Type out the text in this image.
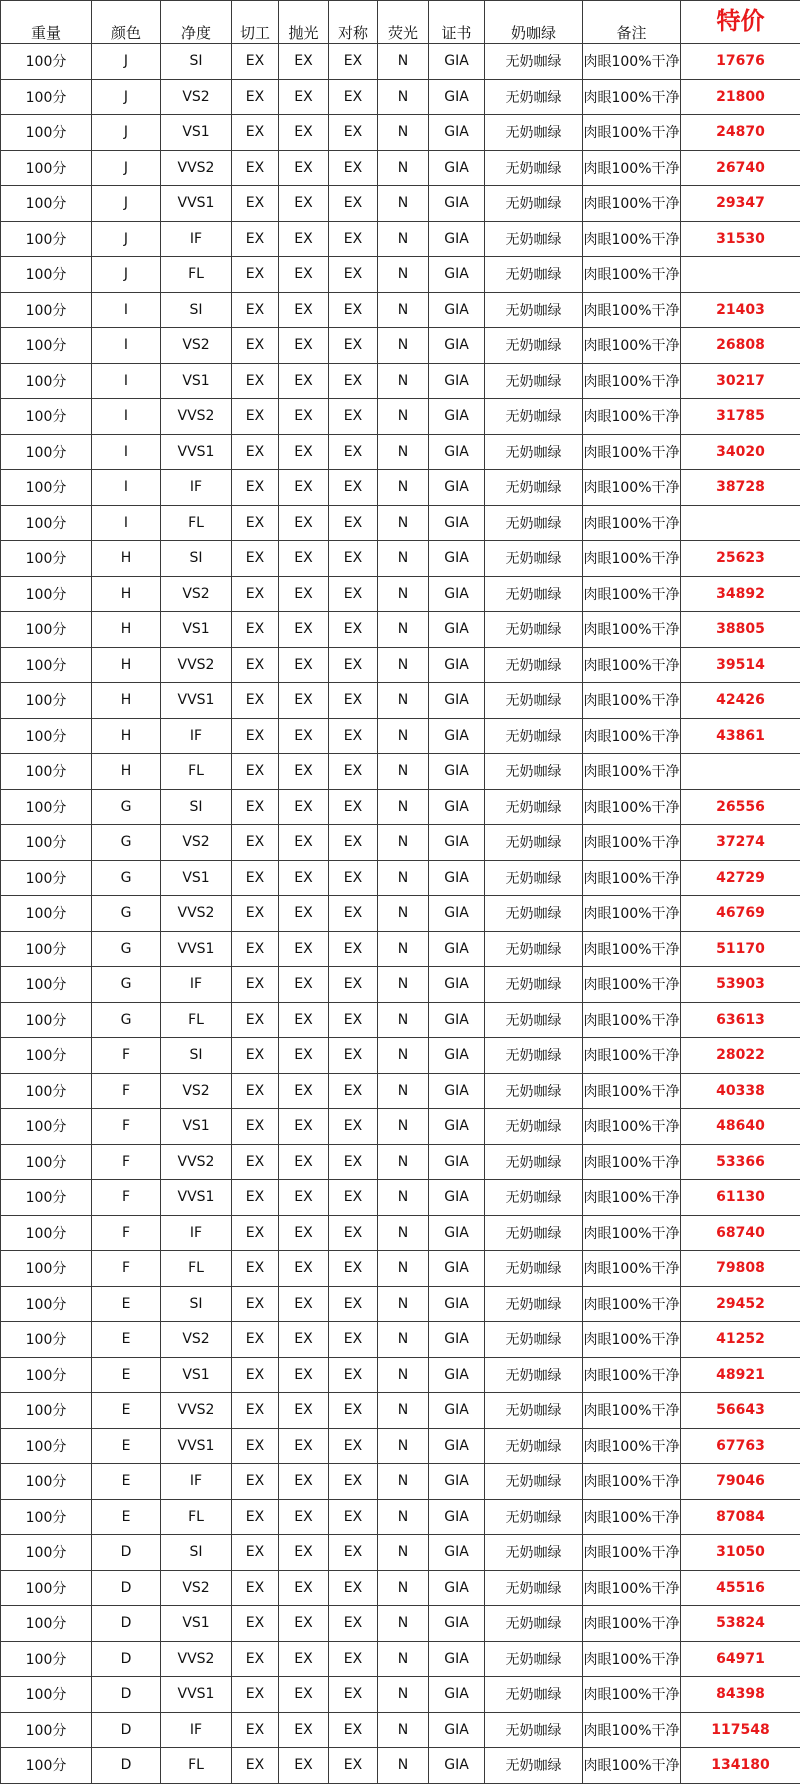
重量	颜色	净度	切工	抛光	对称	荧光	证书	奶咖绿	备注	特价
100分	J	SI	EX	EX	EX	N	GIA	无奶咖绿	肉眼100%干净	17676
100分	J	VS2	EX	EX	EX	N	GIA	无奶咖绿	肉眼100%干净	21800
100分	J	VS1	EX	EX	EX	N	GIA	无奶咖绿	肉眼100%干净	24870
100分	J	VVS2	EX	EX	EX	N	GIA	无奶咖绿	肉眼100%干净	26740
100分	J	VVS1	EX	EX	EX	N	GIA	无奶咖绿	肉眼100%干净	29347
100分	J	IF	EX	EX	EX	N	GIA	无奶咖绿	肉眼100%干净	31530
100分	J	FL	EX	EX	EX	N	GIA	无奶咖绿	肉眼100%干净	
100分	I	SI	EX	EX	EX	N	GIA	无奶咖绿	肉眼100%干净	21403
100分	I	VS2	EX	EX	EX	N	GIA	无奶咖绿	肉眼100%干净	26808
100分	I	VS1	EX	EX	EX	N	GIA	无奶咖绿	肉眼100%干净	30217
100分	I	VVS2	EX	EX	EX	N	GIA	无奶咖绿	肉眼100%干净	31785
100分	I	VVS1	EX	EX	EX	N	GIA	无奶咖绿	肉眼100%干净	34020
100分	I	IF	EX	EX	EX	N	GIA	无奶咖绿	肉眼100%干净	38728
100分	I	FL	EX	EX	EX	N	GIA	无奶咖绿	肉眼100%干净	
100分	H	SI	EX	EX	EX	N	GIA	无奶咖绿	肉眼100%干净	25623
100分	H	VS2	EX	EX	EX	N	GIA	无奶咖绿	肉眼100%干净	34892
100分	H	VS1	EX	EX	EX	N	GIA	无奶咖绿	肉眼100%干净	38805
100分	H	VVS2	EX	EX	EX	N	GIA	无奶咖绿	肉眼100%干净	39514
100分	H	VVS1	EX	EX	EX	N	GIA	无奶咖绿	肉眼100%干净	42426
100分	H	IF	EX	EX	EX	N	GIA	无奶咖绿	肉眼100%干净	43861
100分	H	FL	EX	EX	EX	N	GIA	无奶咖绿	肉眼100%干净	
100分	G	SI	EX	EX	EX	N	GIA	无奶咖绿	肉眼100%干净	26556
100分	G	VS2	EX	EX	EX	N	GIA	无奶咖绿	肉眼100%干净	37274
100分	G	VS1	EX	EX	EX	N	GIA	无奶咖绿	肉眼100%干净	42729
100分	G	VVS2	EX	EX	EX	N	GIA	无奶咖绿	肉眼100%干净	46769
100分	G	VVS1	EX	EX	EX	N	GIA	无奶咖绿	肉眼100%干净	51170
100分	G	IF	EX	EX	EX	N	GIA	无奶咖绿	肉眼100%干净	53903
100分	G	FL	EX	EX	EX	N	GIA	无奶咖绿	肉眼100%干净	63613
100分	F	SI	EX	EX	EX	N	GIA	无奶咖绿	肉眼100%干净	28022
100分	F	VS2	EX	EX	EX	N	GIA	无奶咖绿	肉眼100%干净	40338
100分	F	VS1	EX	EX	EX	N	GIA	无奶咖绿	肉眼100%干净	48640
100分	F	VVS2	EX	EX	EX	N	GIA	无奶咖绿	肉眼100%干净	53366
100分	F	VVS1	EX	EX	EX	N	GIA	无奶咖绿	肉眼100%干净	61130
100分	F	IF	EX	EX	EX	N	GIA	无奶咖绿	肉眼100%干净	68740
100分	F	FL	EX	EX	EX	N	GIA	无奶咖绿	肉眼100%干净	79808
100分	E	SI	EX	EX	EX	N	GIA	无奶咖绿	肉眼100%干净	29452
100分	E	VS2	EX	EX	EX	N	GIA	无奶咖绿	肉眼100%干净	41252
100分	E	VS1	EX	EX	EX	N	GIA	无奶咖绿	肉眼100%干净	48921
100分	E	VVS2	EX	EX	EX	N	GIA	无奶咖绿	肉眼100%干净	56643
100分	E	VVS1	EX	EX	EX	N	GIA	无奶咖绿	肉眼100%干净	67763
100分	E	IF	EX	EX	EX	N	GIA	无奶咖绿	肉眼100%干净	79046
100分	E	FL	EX	EX	EX	N	GIA	无奶咖绿	肉眼100%干净	87084
100分	D	SI	EX	EX	EX	N	GIA	无奶咖绿	肉眼100%干净	31050
100分	D	VS2	EX	EX	EX	N	GIA	无奶咖绿	肉眼100%干净	45516
100分	D	VS1	EX	EX	EX	N	GIA	无奶咖绿	肉眼100%干净	53824
100分	D	VVS2	EX	EX	EX	N	GIA	无奶咖绿	肉眼100%干净	64971
100分	D	VVS1	EX	EX	EX	N	GIA	无奶咖绿	肉眼100%干净	84398
100分	D	IF	EX	EX	EX	N	GIA	无奶咖绿	肉眼100%干净	117548
100分	D	FL	EX	EX	EX	N	GIA	无奶咖绿	肉眼100%干净	134180
